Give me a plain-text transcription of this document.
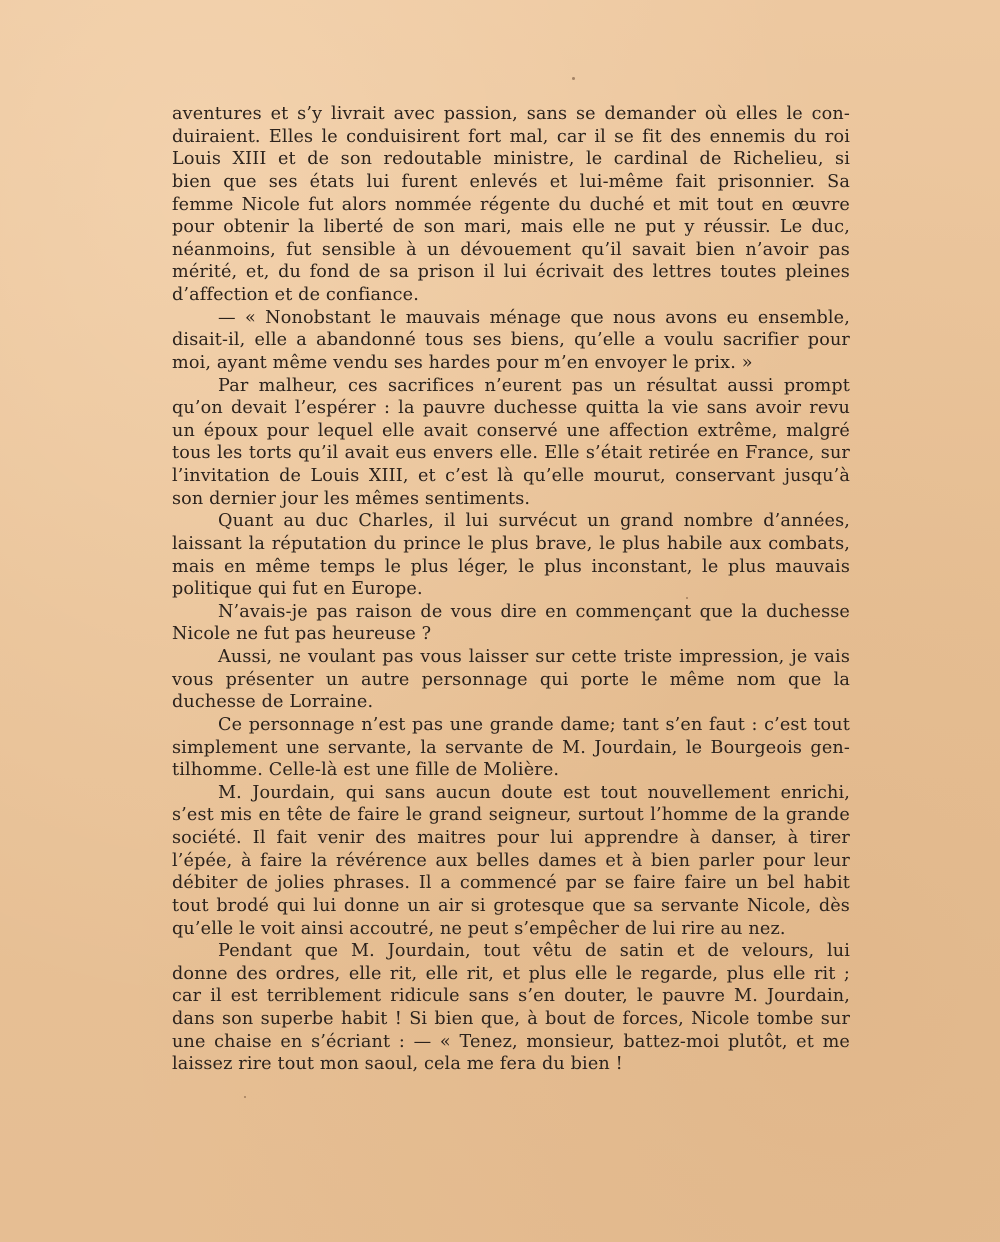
aventures et s’y livrait avec passion, sans se demander où elles le con-
duiraient. Elles le conduisirent fort mal, car il se fit des ennemis du roi
Louis XIII et de son redoutable ministre, le cardinal de Richelieu, si
bien que ses états lui furent enlevés et lui-même fait prisonnier. Sa
femme Nicole fut alors nommée régente du duché et mit tout en œuvre
pour obtenir la liberté de son mari, mais elle ne put y réussir. Le duc,
néanmoins, fut sensible à un dévouement qu’il savait bien n’avoir pas
mérité, et, du fond de sa prison il lui écrivait des lettres toutes pleines
d’affection et de confiance.
— « Nonobstant le mauvais ménage que nous avons eu ensemble,
disait-il, elle a abandonné tous ses biens, qu’elle a voulu sacrifier pour
moi, ayant même vendu ses hardes pour m’en envoyer le prix. »
Par malheur, ces sacrifices n’eurent pas un résultat aussi prompt
qu’on devait l’espérer : la pauvre duchesse quitta la vie sans avoir revu
un époux pour lequel elle avait conservé une affection extrême, malgré
tous les torts qu’il avait eus envers elle. Elle s’était retirée en France, sur
l’invitation de Louis XIII, et c’est là qu’elle mourut, conservant jusqu’à
son dernier jour les mêmes sentiments.
Quant au duc Charles, il lui survécut un grand nombre d’années,
laissant la réputation du prince le plus brave, le plus habile aux combats,
mais en même temps le plus léger, le plus inconstant, le plus mauvais
politique qui fut en Europe.
N’avais-je pas raison de vous dire en commençant que la duchesse
Nicole ne fut pas heureuse ?
Aussi, ne voulant pas vous laisser sur cette triste impression, je vais
vous présenter un autre personnage qui porte le même nom que la
duchesse de Lorraine.
Ce personnage n’est pas une grande dame; tant s’en faut : c’est tout
simplement une servante, la servante de M. Jourdain, le Bourgeois gen-
tilhomme. Celle-là est une fille de Molière.
M. Jourdain, qui sans aucun doute est tout nouvellement enrichi,
s’est mis en tête de faire le grand seigneur, surtout l’homme de la grande
société. Il fait venir des maitres pour lui apprendre à danser, à tirer
l’épée, à faire la révérence aux belles dames et à bien parler pour leur
débiter de jolies phrases. Il a commencé par se faire faire un bel habit
tout brodé qui lui donne un air si grotesque que sa servante Nicole, dès
qu’elle le voit ainsi accoutré, ne peut s’empêcher de lui rire au nez.
Pendant que M. Jourdain, tout vêtu de satin et de velours, lui
donne des ordres, elle rit, elle rit, et plus elle le regarde, plus elle rit ;
car il est terriblement ridicule sans s’en douter, le pauvre M. Jourdain,
dans son superbe habit ! Si bien que, à bout de forces, Nicole tombe sur
une chaise en s’écriant : — « Tenez, monsieur, battez-moi plutôt, et me
laissez rire tout mon saoul, cela me fera du bien !
